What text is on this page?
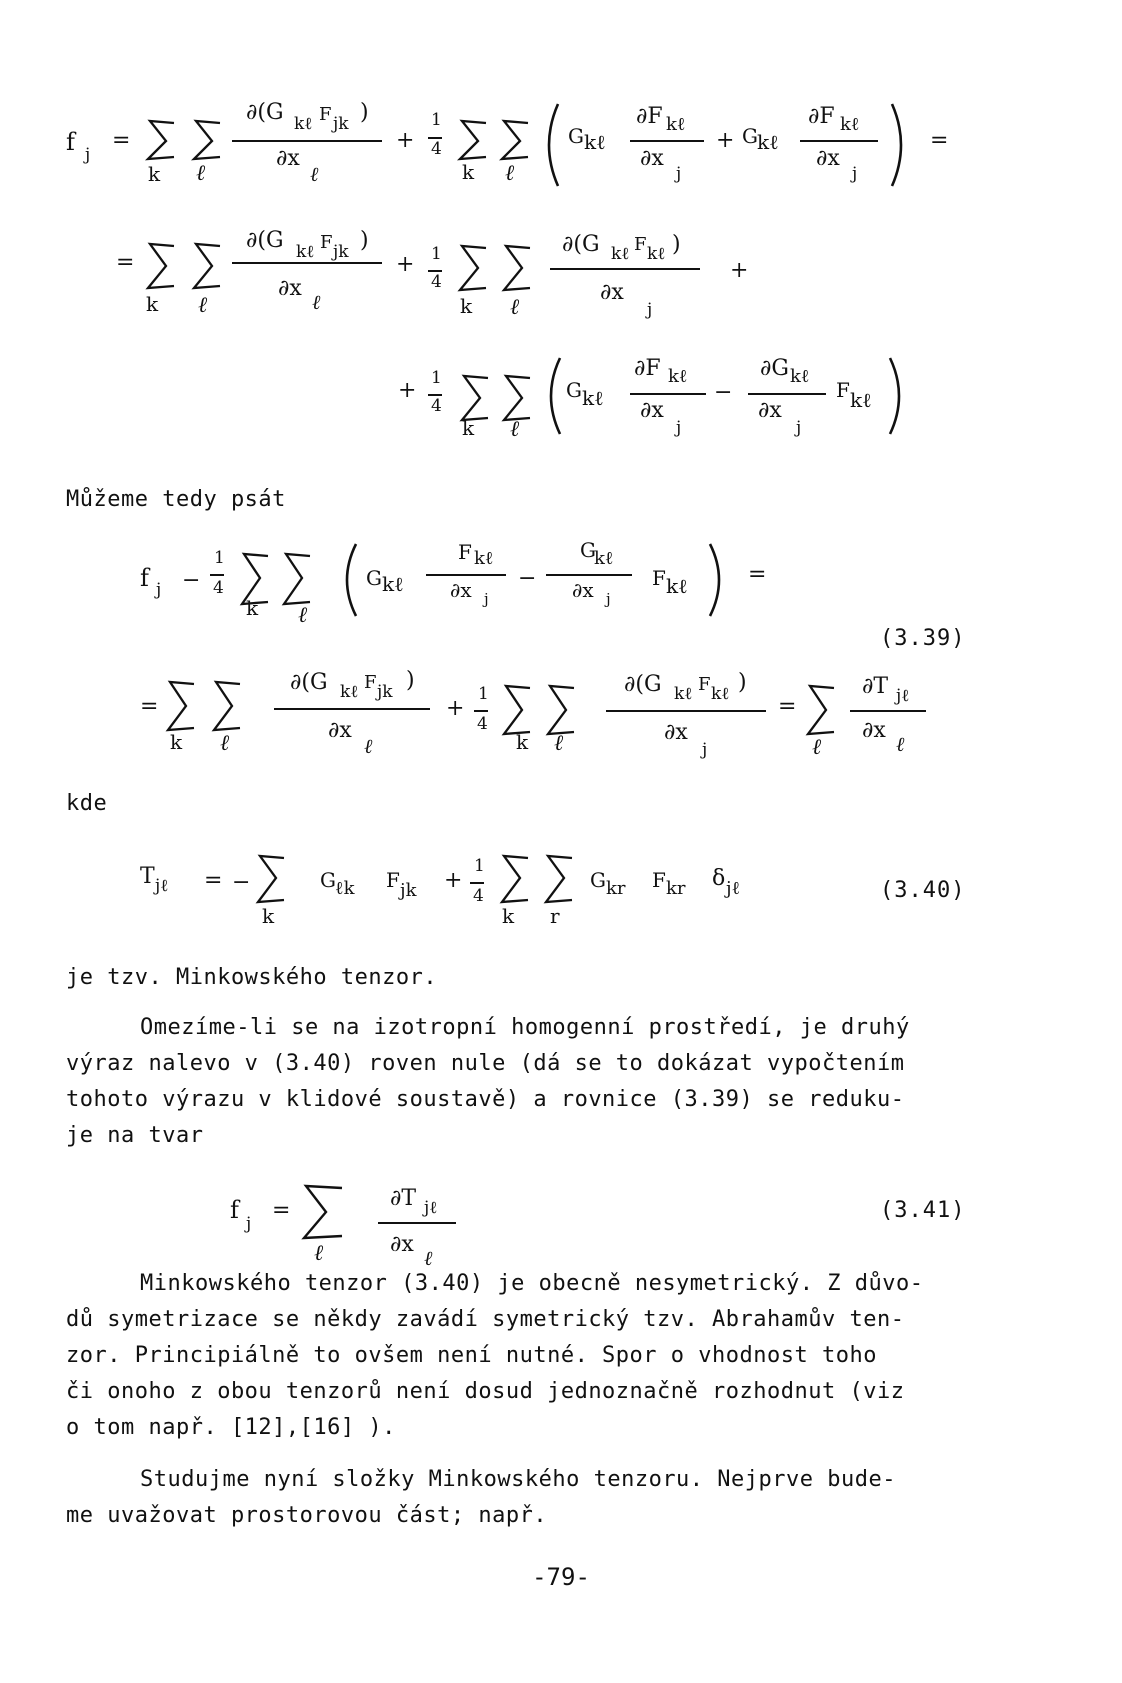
f j
=
k ℓ
∂(G kℓ F jk )
∂x
ℓ
+
1
4
k ℓ
G kℓ
∂F kℓ
∂x
j
+ G kℓ
∂F kℓ
∂x
j
=
=
k ℓ
∂(G kℓ F jk )
∂x
ℓ
+ 1
4
k ℓ
∂(G kℓ F kℓ )
∂x
j
+
+ 1
4
k ℓ
G kℓ
∂F kℓ
∂x
j
−
∂G kℓ
∂x
j
F kℓ
Můžeme tedy psát
f j −
1
4
k ℓ
G kℓ
F kℓ
∂x j
−
G
kℓ
∂x j
F kℓ	=
(3.39)
=
k ℓ
∂(G kℓ F jk )
∂x
ℓ
+
1
4
k ℓ
∂(G kℓ F kℓ )
∂x
j
=
ℓ
∂T jℓ
∂x
ℓ
kde
T jℓ = −
k
G ℓk F jk +
1
4
k r
G kr F kr δ jℓ	(3.40)
je tzv. Minkowského tenzor.
Omezíme-li se na izotropní homogenní prostředí, je druhý
výraz nalevo v (3.40) roven nule (dá se to dokázat vypočtením
tohoto výrazu v klidové soustavě) a rovnice (3.39) se reduku-
je na tvar
f j
=
ℓ
∂T jℓ
∂x
ℓ
(3.41)
Minkowského tenzor (3.40) je obecně nesymetrický. Z důvo-
dů symetrizace se někdy zavádí symetrický tzv. Abrahamův ten-
zor. Principiálně to ovšem není nutné. Spor o vhodnost toho
či onoho z obou tenzorů není dosud jednoznačně rozhodnut (viz
o tom např. [12],[16] ).
Studujme nyní složky Minkowského tenzoru. Nejprve bude-
me uvažovat prostorovou část; např.
-79-
